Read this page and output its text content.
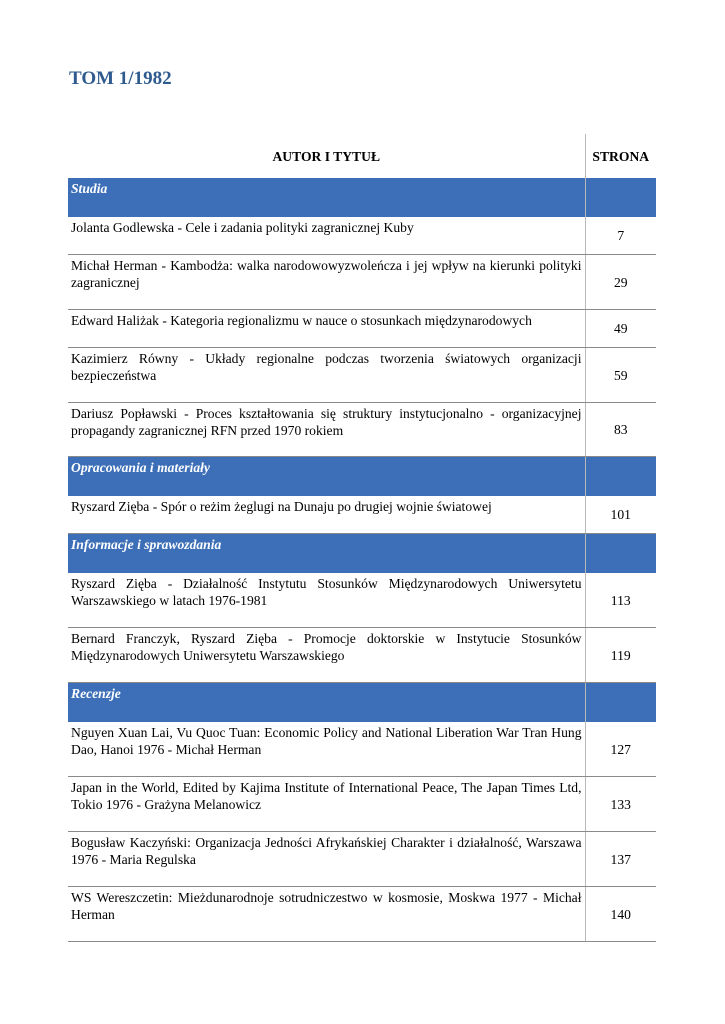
TOM 1/1982
AUTOR I TYTUŁ	STRONA
Studia	
Jolanta Godlewska - Cele i zadania polityki zagranicznej Kuby	7
Michał Herman - Kambodża: walka narodowowyzwoleńcza i jej wpływ na kierunki polityki zagranicznej	29
Edward Haliżak - Kategoria regionalizmu w nauce o stosunkach międzynarodowych	49
Kazimierz Równy - Układy regionalne podczas tworzenia światowych organizacji bezpieczeństwa	59
Dariusz Popławski - Proces kształtowania się struktury instytucjonalno - organizacyjnej propagandy zagranicznej RFN przed 1970 rokiem	83
Opracowania i materiały	
Ryszard Zięba - Spór o reżim żeglugi na Dunaju po drugiej wojnie światowej	101
Informacje i sprawozdania	
Ryszard Zięba - Działalność Instytutu Stosunków Międzynarodowych Uniwersytetu Warszawskiego w latach 1976-1981	113
Bernard Franczyk, Ryszard Zięba - Promocje doktorskie w Instytucie Stosunków Międzynarodowych Uniwersytetu Warszawskiego	119
Recenzje	
Nguyen Xuan Lai, Vu Quoc Tuan: Economic Policy and National Liberation War Tran Hung Dao, Hanoi 1976 - Michał Herman	127
Japan in the World, Edited by Kajima Institute of International Peace, The Japan Times Ltd, Tokio 1976 - Grażyna Melanowicz	133
Bogusław Kaczyński: Organizacja Jedności Afrykańskiej Charakter i działalność, Warszawa 1976 - Maria Regulska	137
WS Wereszczetin: Mieżdunarodnoje sotrudniczestwo w kosmosie, Moskwa 1977 - Michał Herman	140
